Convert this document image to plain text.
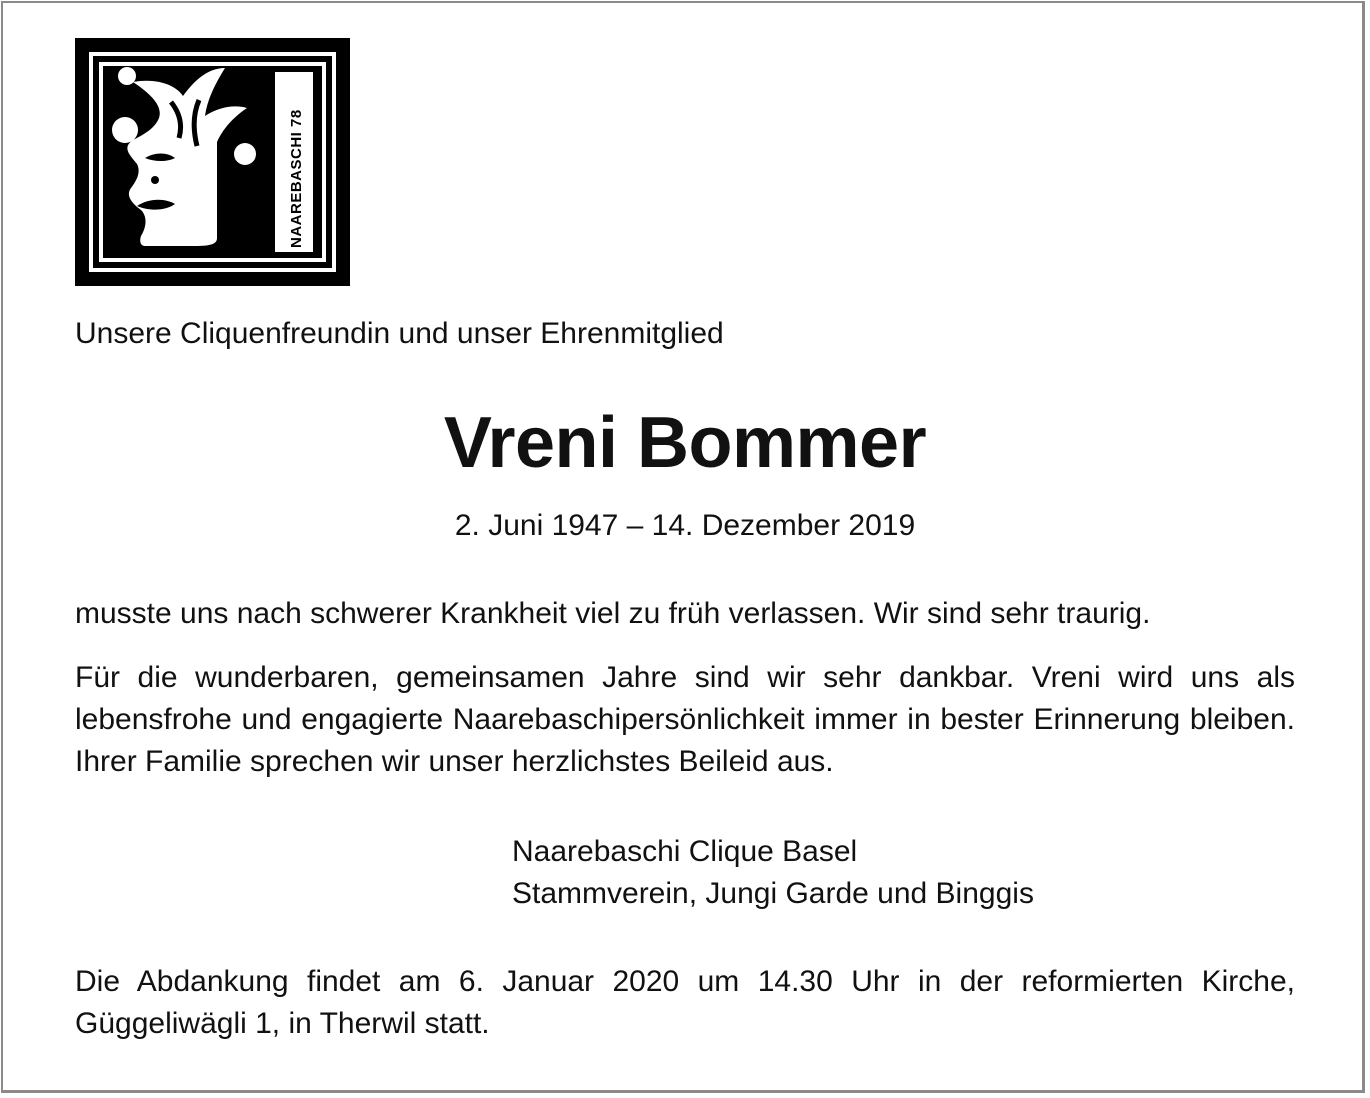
NAAREBASCHI 78

Unsere Cliquenfreundin und unser Ehrenmitglied

Vreni Bommer

2. Juni 1947 – 14. Dezember 2019

musste uns nach schwerer Krankheit viel zu früh verlassen. Wir sind sehr traurig.

Für die wunderbaren, gemeinsamen Jahre sind wir sehr dankbar. Vreni wird uns als lebensfrohe und engagierte Naarebaschipersönlichkeit immer in bester Erinnerung bleiben. Ihrer Familie sprechen wir unser herzlichstes Beileid aus.

Naarebaschi Clique Basel
Stammverein, Jungi Garde und Binggis

Die Abdankung findet am 6. Januar 2020 um 14.30 Uhr in der reformierten Kirche, Güggeliwägli 1, in Therwil statt.
